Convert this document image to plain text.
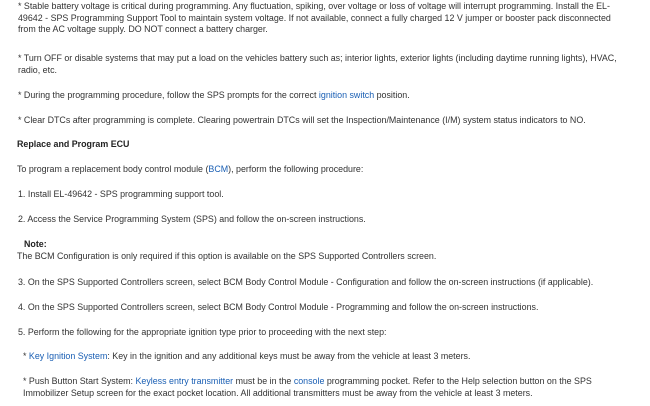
* Stable battery voltage is critical during programming. Any fluctuation, spiking, over voltage or loss of voltage will interrupt programming. Install the EL-
49642 - SPS Programming Support Tool to maintain system voltage. If not available, connect a fully charged 12 V jumper or booster pack disconnected
from the AC voltage supply. DO NOT connect a battery charger.
* Turn OFF or disable systems that may put a load on the vehicles battery such as; interior lights, exterior lights (including daytime running lights), HVAC,
radio, etc.
* During the programming procedure, follow the SPS prompts for the correct ignition switch position.
* Clear DTCs after programming is complete. Clearing powertrain DTCs will set the Inspection/Maintenance (I/M) system status indicators to NO.
Replace and Program ECU
To program a replacement body control module (BCM), perform the following procedure:
1. Install EL-49642 - SPS programming support tool.
2. Access the Service Programming System (SPS) and follow the on-screen instructions.
Note:
The BCM Configuration is only required if this option is available on the SPS Supported Controllers screen.
3. On the SPS Supported Controllers screen, select BCM Body Control Module - Configuration and follow the on-screen instructions (if applicable).
4. On the SPS Supported Controllers screen, select BCM Body Control Module - Programming and follow the on-screen instructions.
5. Perform the following for the appropriate ignition type prior to proceeding with the next step:
* Key Ignition System: Key in the ignition and any additional keys must be away from the vehicle at least 3 meters.
* Push Button Start System: Keyless entry transmitter must be in the console programming pocket. Refer to the Help selection button on the SPS
Immobilizer Setup screen for the exact pocket location. All additional transmitters must be away from the vehicle at least 3 meters.
